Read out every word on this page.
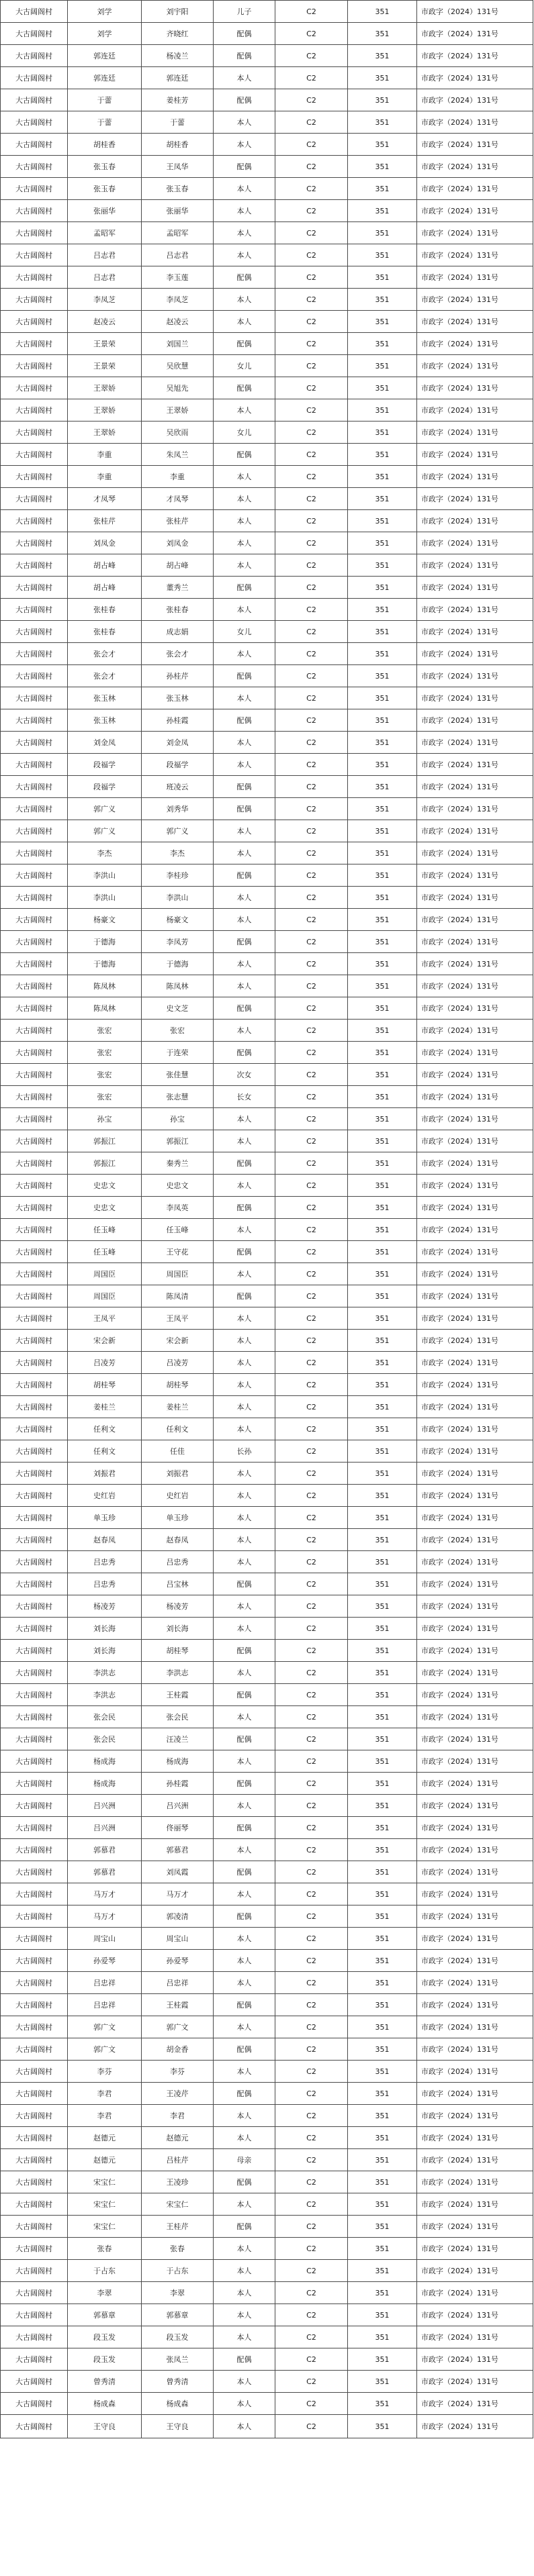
大古阔阁村	刘学	刘宇阳	儿子	C2	351	市政字（2024）131号
大古阔阁村	刘学	齐晓红	配偶	C2	351	市政字（2024）131号
大古阔阁村	郭连廷	杨凌兰	配偶	C2	351	市政字（2024）131号
大古阔阁村	郭连廷	郭连廷	本人	C2	351	市政字（2024）131号
大古阔阁村	于蕾	姜桂芳	配偶	C2	351	市政字（2024）131号
大古阔阁村	于蕾	于蕾	本人	C2	351	市政字（2024）131号
大古阔阁村	胡桂香	胡桂香	本人	C2	351	市政字（2024）131号
大古阔阁村	张玉春	王凤华	配偶	C2	351	市政字（2024）131号
大古阔阁村	张玉春	张玉春	本人	C2	351	市政字（2024）131号
大古阔阁村	张丽华	张丽华	本人	C2	351	市政字（2024）131号
大古阔阁村	孟昭军	孟昭军	本人	C2	351	市政字（2024）131号
大古阔阁村	吕志君	吕志君	本人	C2	351	市政字（2024）131号
大古阔阁村	吕志君	李玉莲	配偶	C2	351	市政字（2024）131号
大古阔阁村	李凤芝	李凤芝	本人	C2	351	市政字（2024）131号
大古阔阁村	赵凌云	赵凌云	本人	C2	351	市政字（2024）131号
大古阔阁村	王景荣	刘国兰	配偶	C2	351	市政字（2024）131号
大古阔阁村	王景荣	吴欣慧	女儿	C2	351	市政字（2024）131号
大古阔阁村	王翠娇	吴旭先	配偶	C2	351	市政字（2024）131号
大古阔阁村	王翠娇	王翠娇	本人	C2	351	市政字（2024）131号
大古阔阁村	王翠娇	吴欣雨	女儿	C2	351	市政字（2024）131号
大古阔阁村	李重	朱凤兰	配偶	C2	351	市政字（2024）131号
大古阔阁村	李重	李重	本人	C2	351	市政字（2024）131号
大古阔阁村	才凤琴	才凤琴	本人	C2	351	市政字（2024）131号
大古阔阁村	张桂芹	张桂芹	本人	C2	351	市政字（2024）131号
大古阔阁村	刘凤金	刘凤金	本人	C2	351	市政字（2024）131号
大古阔阁村	胡占峰	胡占峰	本人	C2	351	市政字（2024）131号
大古阔阁村	胡占峰	董秀兰	配偶	C2	351	市政字（2024）131号
大古阔阁村	张桂春	张桂春	本人	C2	351	市政字（2024）131号
大古阔阁村	张桂春	成志娟	女儿	C2	351	市政字（2024）131号
大古阔阁村	张会才	张会才	本人	C2	351	市政字（2024）131号
大古阔阁村	张会才	孙桂芹	配偶	C2	351	市政字（2024）131号
大古阔阁村	张玉林	张玉林	本人	C2	351	市政字（2024）131号
大古阔阁村	张玉林	孙桂霞	配偶	C2	351	市政字（2024）131号
大古阔阁村	刘金凤	刘金凤	本人	C2	351	市政字（2024）131号
大古阔阁村	段福学	段福学	本人	C2	351	市政字（2024）131号
大古阔阁村	段福学	班凌云	配偶	C2	351	市政字（2024）131号
大古阔阁村	郭广义	刘秀华	配偶	C2	351	市政字（2024）131号
大古阔阁村	郭广义	郭广义	本人	C2	351	市政字（2024）131号
大古阔阁村	李杰	李杰	本人	C2	351	市政字（2024）131号
大古阔阁村	李洪山	李桂珍	配偶	C2	351	市政字（2024）131号
大古阔阁村	李洪山	李洪山	本人	C2	351	市政字（2024）131号
大古阔阁村	杨豪文	杨豪文	本人	C2	351	市政字（2024）131号
大古阔阁村	于德海	李凤芳	配偶	C2	351	市政字（2024）131号
大古阔阁村	于德海	于德海	本人	C2	351	市政字（2024）131号
大古阔阁村	陈凤林	陈凤林	本人	C2	351	市政字（2024）131号
大古阔阁村	陈凤林	史文芝	配偶	C2	351	市政字（2024）131号
大古阔阁村	张宏	张宏	本人	C2	351	市政字（2024）131号
大古阔阁村	张宏	于连荣	配偶	C2	351	市政字（2024）131号
大古阔阁村	张宏	张佳慧	次女	C2	351	市政字（2024）131号
大古阔阁村	张宏	张志慧	长女	C2	351	市政字（2024）131号
大古阔阁村	孙宝	孙宝	本人	C2	351	市政字（2024）131号
大古阔阁村	郭振江	郭振江	本人	C2	351	市政字（2024）131号
大古阔阁村	郭振江	秦秀兰	配偶	C2	351	市政字（2024）131号
大古阔阁村	史忠文	史忠文	本人	C2	351	市政字（2024）131号
大古阔阁村	史忠文	李凤英	配偶	C2	351	市政字（2024）131号
大古阔阁村	任玉峰	任玉峰	本人	C2	351	市政字（2024）131号
大古阔阁村	任玉峰	王守花	配偶	C2	351	市政字（2024）131号
大古阔阁村	周国臣	周国臣	本人	C2	351	市政字（2024）131号
大古阔阁村	周国臣	陈凤清	配偶	C2	351	市政字（2024）131号
大古阔阁村	王凤平	王凤平	本人	C2	351	市政字（2024）131号
大古阔阁村	宋会新	宋会新	本人	C2	351	市政字（2024）131号
大古阔阁村	吕凌芳	吕凌芳	本人	C2	351	市政字（2024）131号
大古阔阁村	胡桂琴	胡桂琴	本人	C2	351	市政字（2024）131号
大古阔阁村	姜桂兰	姜桂兰	本人	C2	351	市政字（2024）131号
大古阔阁村	任利文	任利文	本人	C2	351	市政字（2024）131号
大古阔阁村	任利文	任佳	长孙	C2	351	市政字（2024）131号
大古阔阁村	刘振君	刘振君	本人	C2	351	市政字（2024）131号
大古阔阁村	史红岩	史红岩	本人	C2	351	市政字（2024）131号
大古阔阁村	单玉珍	单玉珍	本人	C2	351	市政字（2024）131号
大古阔阁村	赵春凤	赵春凤	本人	C2	351	市政字（2024）131号
大古阔阁村	吕忠秀	吕忠秀	本人	C2	351	市政字（2024）131号
大古阔阁村	吕忠秀	吕宝林	配偶	C2	351	市政字（2024）131号
大古阔阁村	杨凌芳	杨凌芳	本人	C2	351	市政字（2024）131号
大古阔阁村	刘长海	刘长海	本人	C2	351	市政字（2024）131号
大古阔阁村	刘长海	胡桂琴	配偶	C2	351	市政字（2024）131号
大古阔阁村	李洪志	李洪志	本人	C2	351	市政字（2024）131号
大古阔阁村	李洪志	王桂霞	配偶	C2	351	市政字（2024）131号
大古阔阁村	张会民	张会民	本人	C2	351	市政字（2024）131号
大古阔阁村	张会民	汪凌兰	配偶	C2	351	市政字（2024）131号
大古阔阁村	杨成海	杨成海	本人	C2	351	市政字（2024）131号
大古阔阁村	杨成海	孙桂霞	配偶	C2	351	市政字（2024）131号
大古阔阁村	吕兴洲	吕兴洲	本人	C2	351	市政字（2024）131号
大古阔阁村	吕兴洲	佟丽琴	配偶	C2	351	市政字（2024）131号
大古阔阁村	郭慕君	郭慕君	本人	C2	351	市政字（2024）131号
大古阔阁村	郭慕君	刘凤霞	配偶	C2	351	市政字（2024）131号
大古阔阁村	马万才	马万才	本人	C2	351	市政字（2024）131号
大古阔阁村	马万才	郭凌清	配偶	C2	351	市政字（2024）131号
大古阔阁村	周宝山	周宝山	本人	C2	351	市政字（2024）131号
大古阔阁村	孙爱琴	孙爱琴	本人	C2	351	市政字（2024）131号
大古阔阁村	吕忠祥	吕忠祥	本人	C2	351	市政字（2024）131号
大古阔阁村	吕忠祥	王桂霞	配偶	C2	351	市政字（2024）131号
大古阔阁村	郭广文	郭广文	本人	C2	351	市政字（2024）131号
大古阔阁村	郭广文	胡金香	配偶	C2	351	市政字（2024）131号
大古阔阁村	李芬	李芬	本人	C2	351	市政字（2024）131号
大古阔阁村	李君	王凌芹	配偶	C2	351	市政字（2024）131号
大古阔阁村	李君	李君	本人	C2	351	市政字（2024）131号
大古阔阁村	赵德元	赵德元	本人	C2	351	市政字（2024）131号
大古阔阁村	赵德元	吕桂芹	母亲	C2	351	市政字（2024）131号
大古阔阁村	宋宝仁	王凌珍	配偶	C2	351	市政字（2024）131号
大古阔阁村	宋宝仁	宋宝仁	本人	C2	351	市政字（2024）131号
大古阔阁村	宋宝仁	王桂芹	配偶	C2	351	市政字（2024）131号
大古阔阁村	张春	张春	本人	C2	351	市政字（2024）131号
大古阔阁村	于占东	于占东	本人	C2	351	市政字（2024）131号
大古阔阁村	李翠	李翠	本人	C2	351	市政字（2024）131号
大古阔阁村	郭慕章	郭慕章	本人	C2	351	市政字（2024）131号
大古阔阁村	段玉发	段玉发	本人	C2	351	市政字（2024）131号
大古阔阁村	段玉发	张凤兰	配偶	C2	351	市政字（2024）131号
大古阔阁村	曾秀清	曾秀清	本人	C2	351	市政字（2024）131号
大古阔阁村	杨成森	杨成森	本人	C2	351	市政字（2024）131号
大古阔阁村	王守良	王守良	本人	C2	351	市政字（2024）131号
